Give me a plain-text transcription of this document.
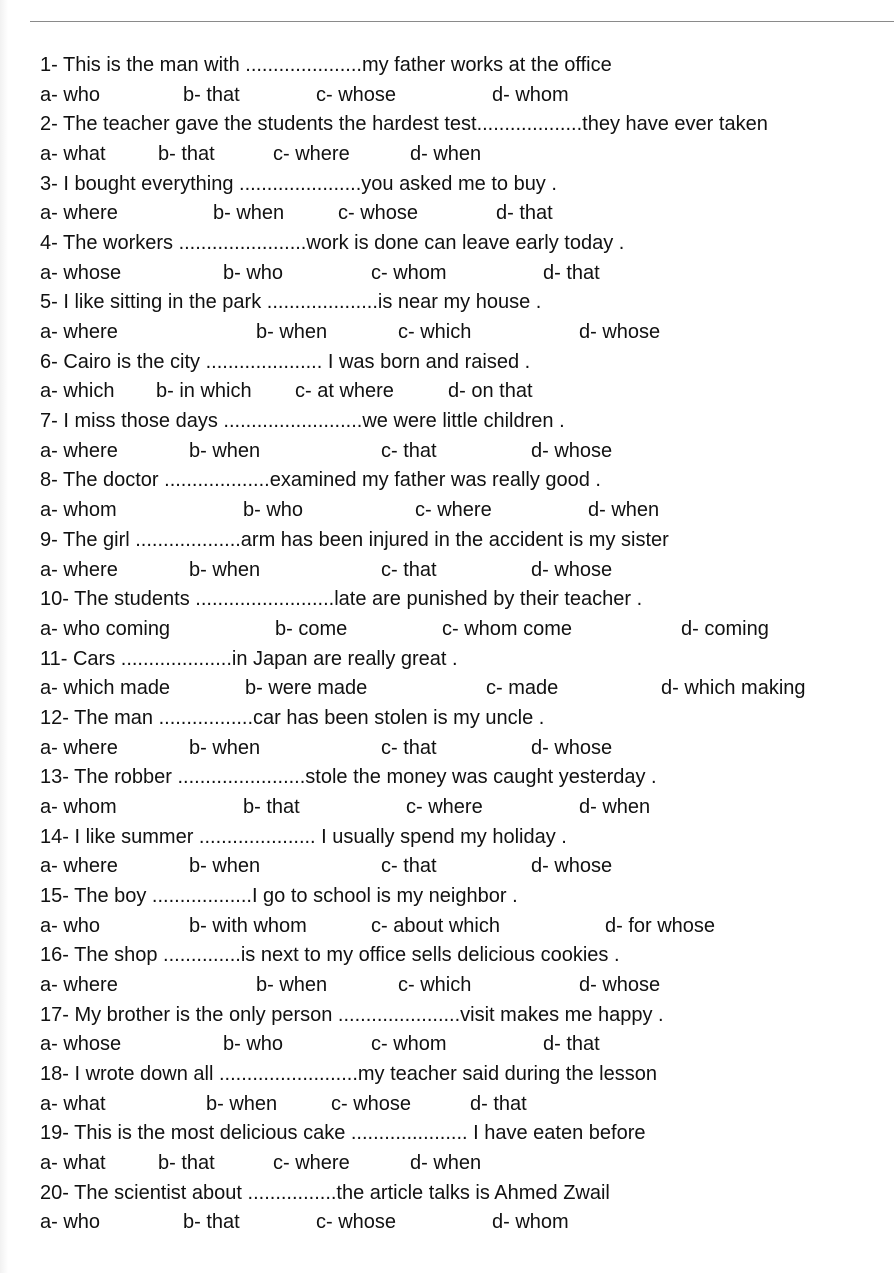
1- This is the man with .....................my father works at the office
a- who	b- that	c- whose	d- whom
2- The teacher gave the students the hardest test...................they have ever taken
a- what	b- that	c- where	d- when
3- I bought everything ......................you asked me to buy .
a- where	b- when	c- whose	d- that
4- The workers .......................work is done can leave early today .
a- whose	b- who	c- whom	d- that
5- I like sitting in the park ....................is near my house .
a- where	b- when	c- which	d- whose
6- Cairo is the city ..................... I was born and raised .
a- which b- in which c- at where	d- on that
7- I miss those days .........................we were little children .
a- where	b- when	c- that	d- whose
8- The doctor ...................examined my father was really good .
a- whom	b- who	c- where	d- when
9- The girl ...................arm has been injured in the accident is my sister
a- where	b- when	c- that	d- whose
10- The students .........................late are punished by their teacher .
a- who coming	b- come	c- whom come	d- coming
11- Cars ....................in Japan are really great .
a- which made	b- were made	c- made	d- which making
12- The man .................car has been stolen is my uncle .
a- where	b- when	c- that	d- whose
13- The robber .......................stole the money was caught yesterday .
a- whom	b- that	c- where	d- when
14- I like summer ..................... I usually spend my holiday .
a- where	b- when	c- that	d- whose
15- The boy ..................I go to school is my neighbor .
a- who	b- with whom	c- about which	d- for whose
16- The shop ..............is next to my office sells delicious cookies .
a- where	b- when	c- which	d- whose
17- My brother is the only person ......................visit makes me happy .
a- whose	b- who	c- whom	d- that
18- I wrote down all .........................my teacher said during the lesson
a- what	b- when	c- whose	d- that
19- This is the most delicious cake ..................... I have eaten before
a- what	b- that	c- where	d- when
20- The scientist about ................the article talks is Ahmed Zwail
a- who	b- that	c- whose	d- whom
